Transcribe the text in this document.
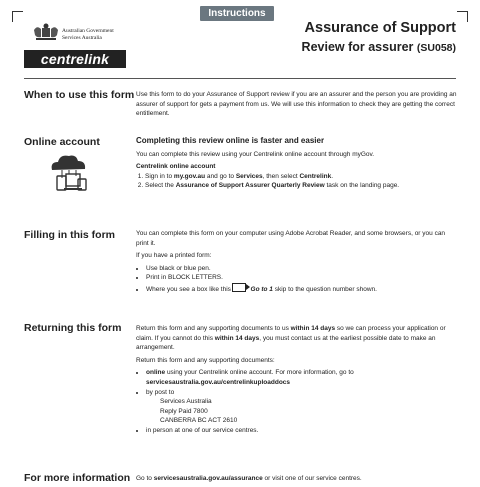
Instructions
Australian Government
Services Australia
centrelink
Assurance of Support
Review for assurer (SU058)
When to use this form Use this form to do your Assurance of Support review if you are an assurer and the person you are providing an assurer of support for gets a payment from us. We will use this information to check they are getting the correct entitlement.

Online account	Completing this review online is faster and easier

You can complete this review using your Centrelink online account through myGov.

Centrelink online account

1. Sign in to my.gov.au and go to Services, then select Centrelink.
2. Select the Assurance of Support Assurer Quarterly Review task on the landing page.
Filling in this form	You can complete this form on your computer using Adobe Acrobat Reader, and some browsers, or you can print it.

If you have a printed form:

• Use black or blue pen.
• Print in BLOCK LETTERS.
• Where you see a box like this	Go to 1 skip to the question number shown.
Returning this form Return this form and any supporting documents to us within 14 days so we can process your application or claim. If you cannot do this within 14 days, you must contact us at the earliest possible date to make an arrangement.

Return this form and any supporting documents:

• online using your Centrelink online account. For more information, go to
servicesaustralia.gov.au/centrelinkuploaddocs
• by post to
Services Australia
Reply Paid 7800
CANBERRA BC ACT 2610
• in person at one of our service centres.
For more information Go to servicesaustralia.gov.au/assurance or visit one of our service centres.
